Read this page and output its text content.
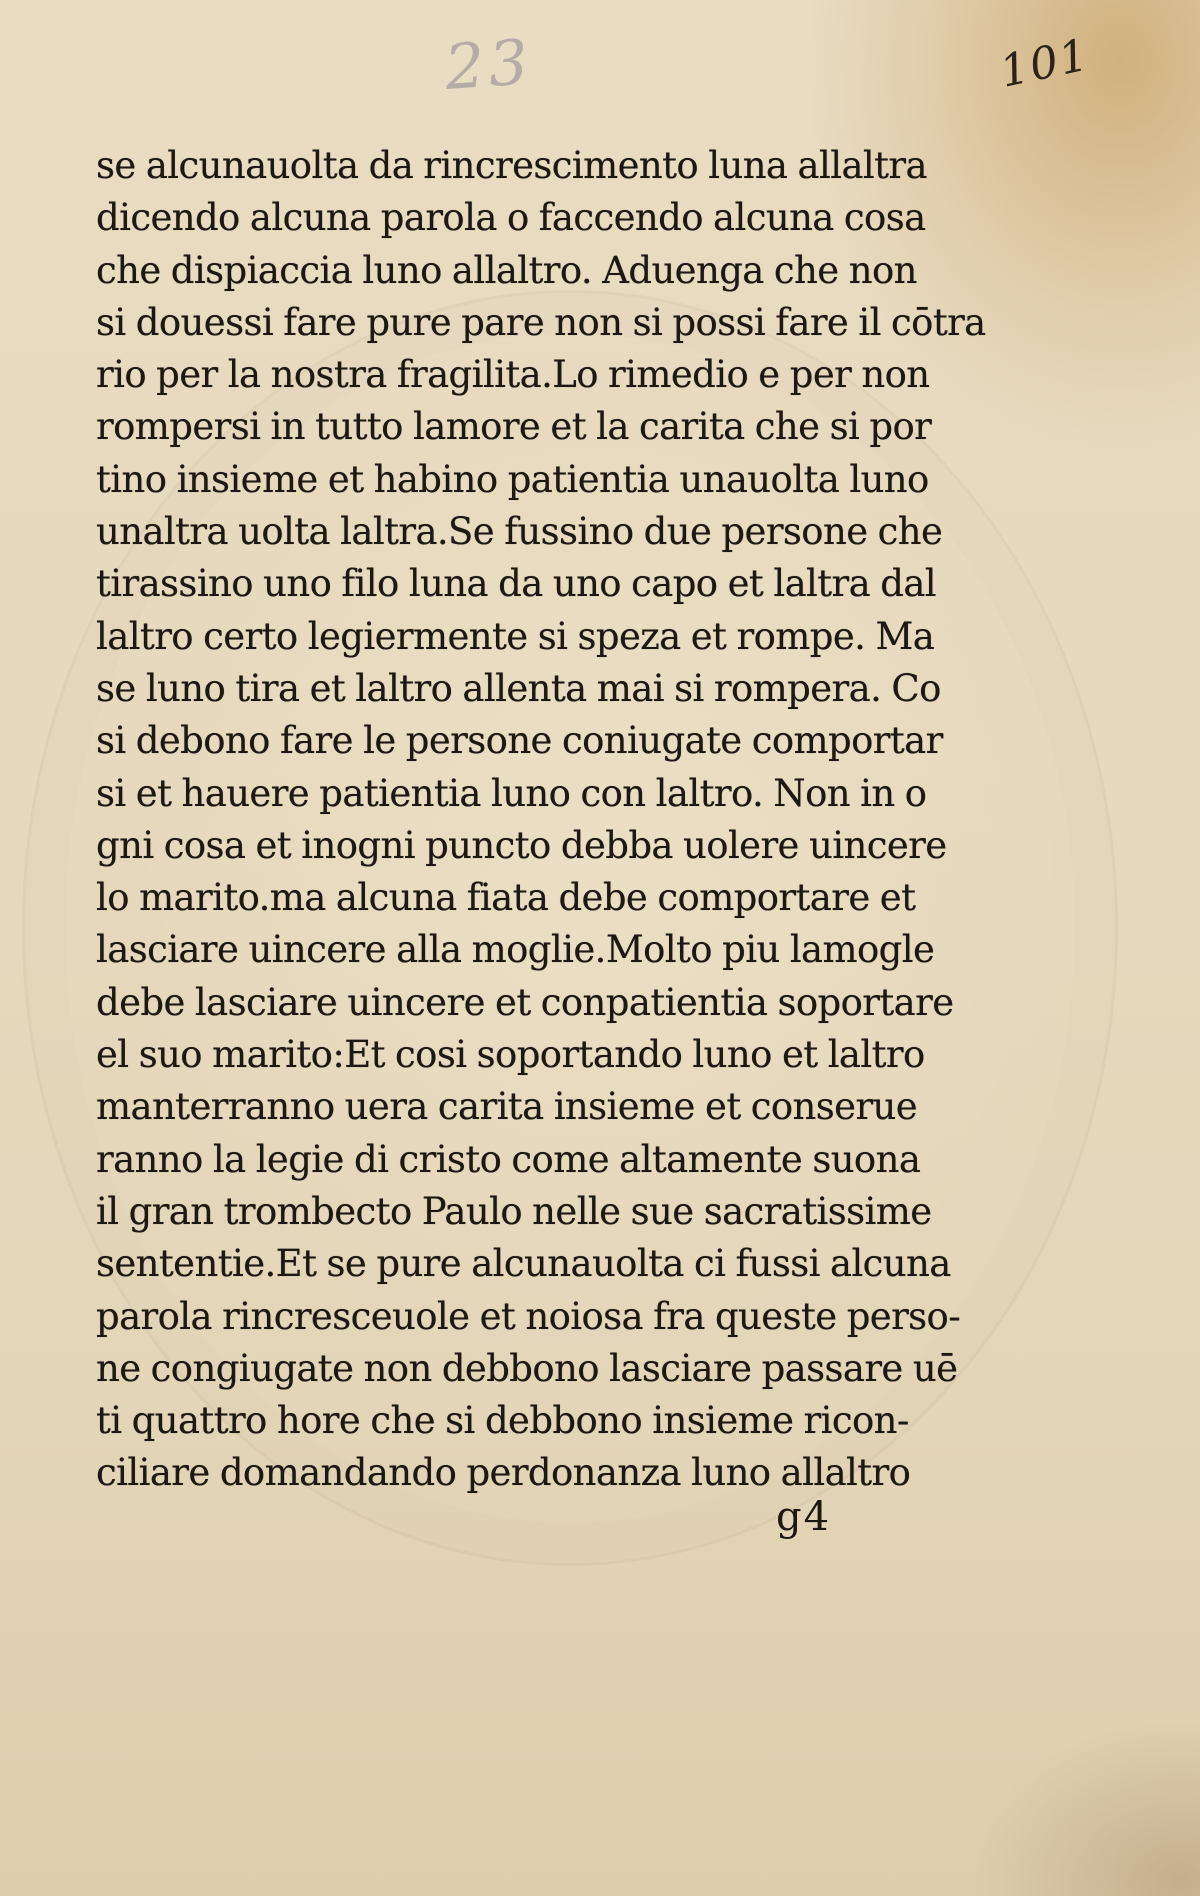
23	101
se alcunauolta da rincrescimento luna allaltra
dicendo alcuna parola o faccendo alcuna cosa
che dispiaccia luno allaltro. Aduenga che non
si douessi fare pure pare non si possi fare il cōtra
rio per la nostra fragilita.Lo rimedio e per non
rompersi in tutto lamore et la carita che si por
tino insieme et habino patientia unauolta luno
unaltra uolta laltra.Se fussino due persone che
tirassino uno filo luna da uno capo et laltra dal
laltro certo legiermente si speza et rompe. Ma
se luno tira et laltro allenta mai si rompera. Co
si debono fare le persone coniugate comportar
si et hauere patientia luno con laltro. Non in o
gni cosa et inogni puncto debba uolere uincere
lo marito.ma alcuna fiata debe comportare et
lasciare uincere alla moglie.Molto piu lamogle
debe lasciare uincere et conpatientia soportare
el suo marito:Et cosi soportando luno et laltro
manterranno uera carita insieme et conserue
ranno la legie di cristo come altamente suona
il gran trombecto Paulo nelle sue sacratissime
sententie.Et se pure alcunauolta ci fussi alcuna
parola rincresceuole et noiosa fra queste perso-
ne congiugate non debbono lasciare passare uē
ti quattro hore che si debbono insieme ricon-
ciliare domandando perdonanza luno allaltro
g4
